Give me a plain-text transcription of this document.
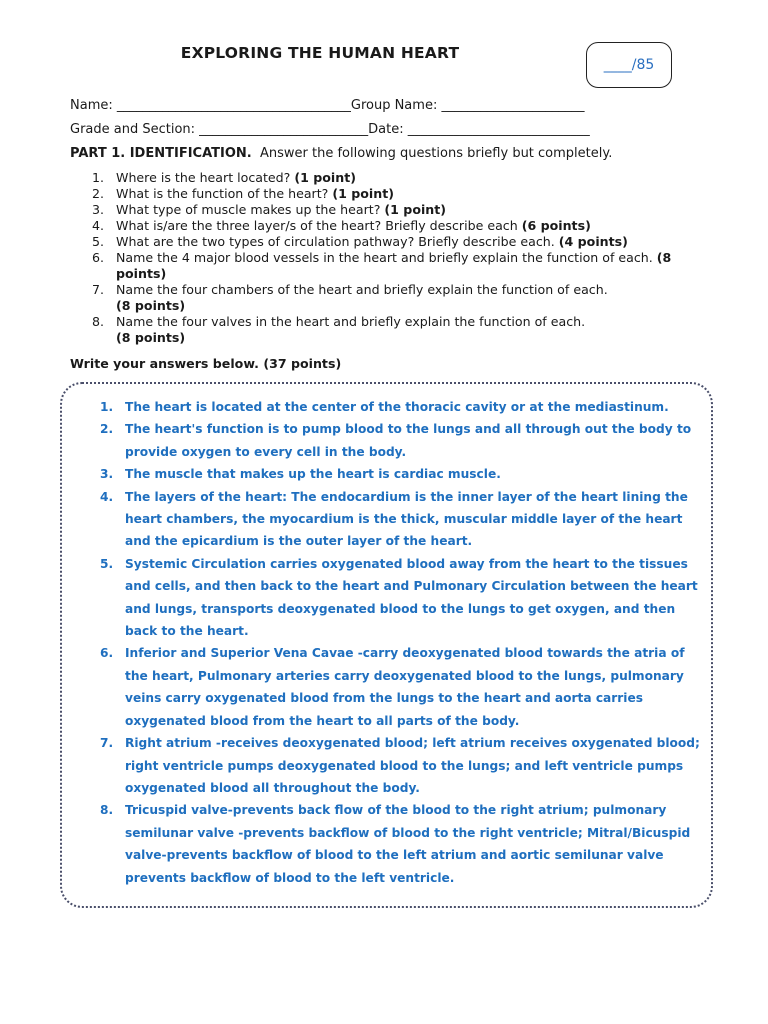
EXPLORING THE HUMAN HEART
____/85
Name: ____________________________________Group Name: ______________________
Grade and Section: __________________________Date: ____________________________
PART 1. IDENTIFICATION. Answer the following questions briefly but completely.
1. Where is the heart located? (1 point)
2. What is the function of the heart? (1 point)
3. What type of muscle makes up the heart? (1 point)
4. What is/are the three layer/s of the heart? Briefly describe each (6 points)
5. What are the two types of circulation pathway? Briefly describe each. (4 points)
6. Name the 4 major blood vessels in the heart and briefly explain the function of each. (8 points)
7. Name the four chambers of the heart and briefly explain the function of each.
(8 points)
8. Name the four valves in the heart and briefly explain the function of each.
(8 points)
Write your answers below. (37 points)
1. The heart is located at the center of the thoracic cavity or at the mediastinum.
2. The heart's function is to pump blood to the lungs and all through out the body to provide oxygen to every cell in the body.
3. The muscle that makes up the heart is cardiac muscle.
4. The layers of the heart: The endocardium is the inner layer of the heart lining the heart chambers, the myocardium is the thick, muscular middle layer of the heart and the epicardium is the outer layer of the heart.
5. Systemic Circulation carries oxygenated blood away from the heart to the tissues and cells, and then back to the heart and Pulmonary Circulation between the heart and lungs, transports deoxygenated blood to the lungs to get oxygen, and then back to the heart.
6. Inferior and Superior Vena Cavae -carry deoxygenated blood towards the atria of the heart, Pulmonary arteries carry deoxygenated blood to the lungs, pulmonary veins carry oxygenated blood from the lungs to the heart and aorta carries oxygenated blood from the heart to all parts of the body.
7. Right atrium -receives deoxygenated blood; left atrium receives oxygenated blood; right ventricle pumps deoxygenated blood to the lungs; and left ventricle pumps oxygenated blood all throughout the body.
8. Tricuspid valve-prevents back flow of the blood to the right atrium; pulmonary semilunar valve -prevents backflow of blood to the right ventricle; Mitral/Bicuspid valve-prevents backflow of blood to the left atrium and aortic semilunar valve prevents backflow of blood to the left ventricle.
